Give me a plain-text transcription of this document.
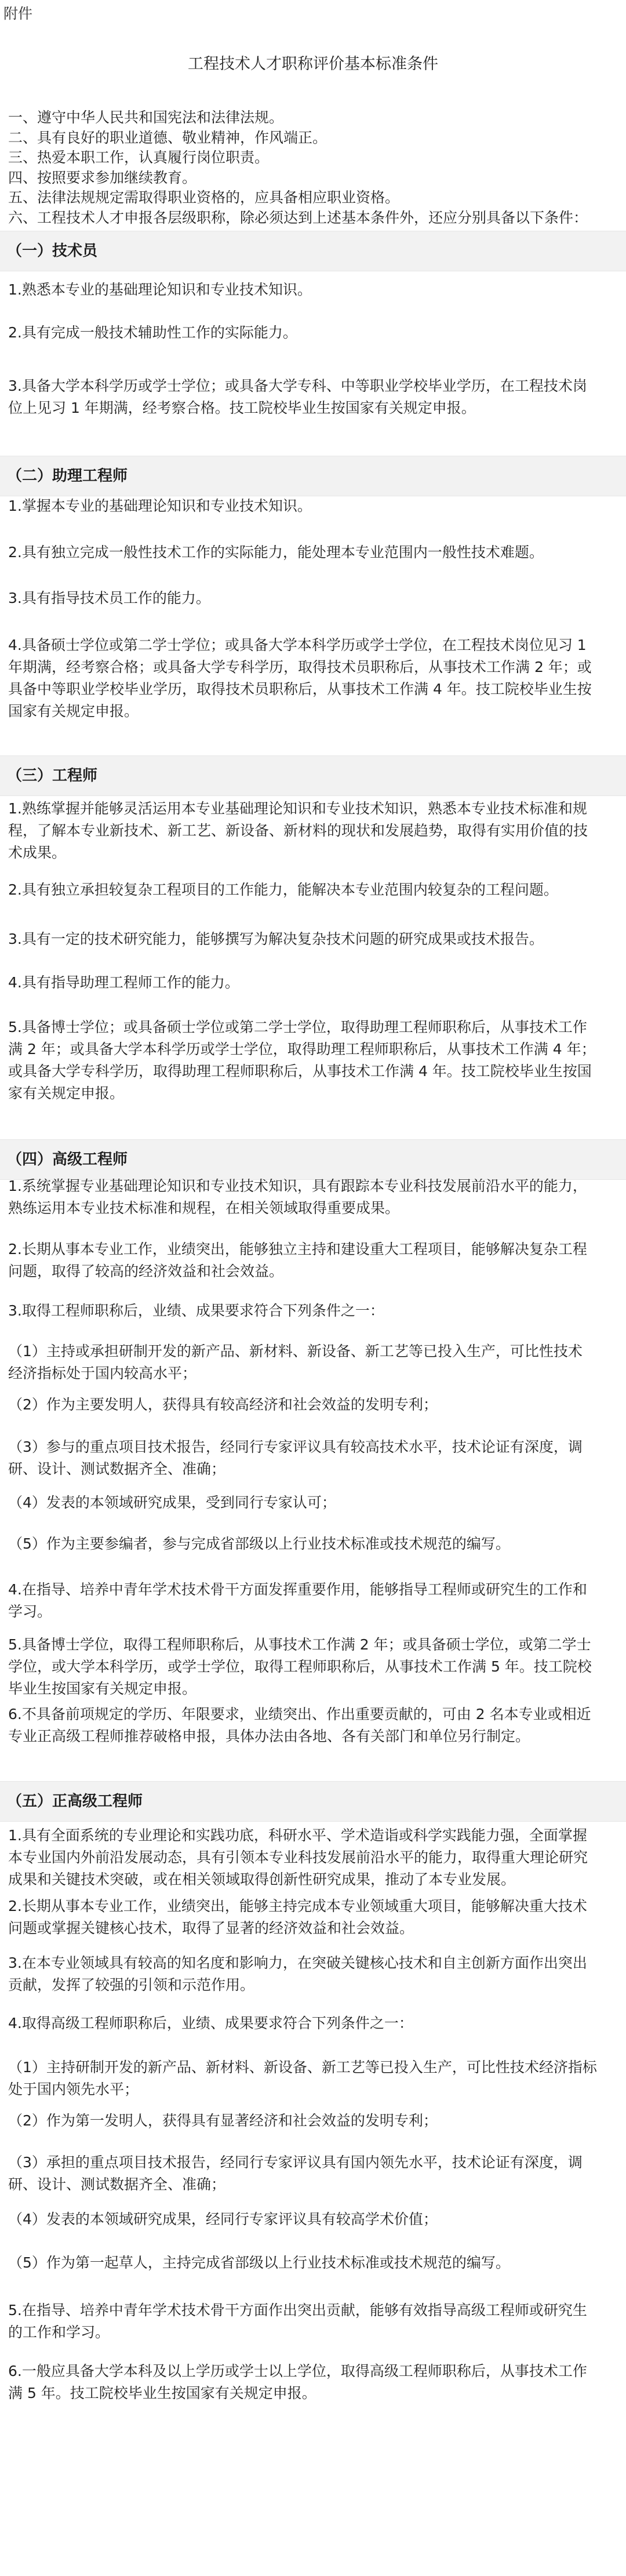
附件
工程技术人才职称评价基本标准条件
一、遵守中华人民共和国宪法和法律法规。
二、具有良好的职业道德、敬业精神，作风端正。
三、热爱本职工作，认真履行岗位职责。
四、按照要求参加继续教育。
五、法律法规规定需取得职业资格的，应具备相应职业资格。
六、工程技术人才申报各层级职称，除必须达到上述基本条件外，还应分别具备以下条件：
（一）技术员
1.熟悉本专业的基础理论知识和专业技术知识。
2.具有完成一般技术辅助性工作的实际能力。
3.具备大学本科学历或学士学位；或具备大学专科、中等职业学校毕业学历，在工程技术岗
位上见习 1 年期满，经考察合格。技工院校毕业生按国家有关规定申报。
（二）助理工程师
1.掌握本专业的基础理论知识和专业技术知识。
2.具有独立完成一般性技术工作的实际能力，能处理本专业范围内一般性技术难题。
3.具有指导技术员工作的能力。
4.具备硕士学位或第二学士学位；或具备大学本科学历或学士学位，在工程技术岗位见习 1
年期满，经考察合格；或具备大学专科学历，取得技术员职称后，从事技术工作满 2 年；或
具备中等职业学校毕业学历，取得技术员职称后，从事技术工作满 4 年。技工院校毕业生按
国家有关规定申报。
（三）工程师
1.熟练掌握并能够灵活运用本专业基础理论知识和专业技术知识，熟悉本专业技术标准和规
程，了解本专业新技术、新工艺、新设备、新材料的现状和发展趋势，取得有实用价值的技
术成果。
2.具有独立承担较复杂工程项目的工作能力，能解决本专业范围内较复杂的工程问题。
3.具有一定的技术研究能力，能够撰写为解决复杂技术问题的研究成果或技术报告。
4.具有指导助理工程师工作的能力。
5.具备博士学位；或具备硕士学位或第二学士学位，取得助理工程师职称后，从事技术工作
满 2 年；或具备大学本科学历或学士学位，取得助理工程师职称后，从事技术工作满 4 年；
或具备大学专科学历，取得助理工程师职称后，从事技术工作满 4 年。技工院校毕业生按国
家有关规定申报。
（四）高级工程师
1.系统掌握专业基础理论知识和专业技术知识，具有跟踪本专业科技发展前沿水平的能力，
熟练运用本专业技术标准和规程，在相关领域取得重要成果。
2.长期从事本专业工作，业绩突出，能够独立主持和建设重大工程项目，能够解决复杂工程
问题，取得了较高的经济效益和社会效益。
3.取得工程师职称后，业绩、成果要求符合下列条件之一：
（1）主持或承担研制开发的新产品、新材料、新设备、新工艺等已投入生产，可比性技术
经济指标处于国内较高水平；
（2）作为主要发明人，获得具有较高经济和社会效益的发明专利；
（3）参与的重点项目技术报告，经同行专家评议具有较高技术水平，技术论证有深度，调
研、设计、测试数据齐全、准确；
（4）发表的本领域研究成果，受到同行专家认可；
（5）作为主要参编者，参与完成省部级以上行业技术标准或技术规范的编写。
4.在指导、培养中青年学术技术骨干方面发挥重要作用，能够指导工程师或研究生的工作和
学习。
5.具备博士学位，取得工程师职称后，从事技术工作满 2 年；或具备硕士学位，或第二学士
学位，或大学本科学历，或学士学位，取得工程师职称后，从事技术工作满 5 年。技工院校
毕业生按国家有关规定申报。
6.不具备前项规定的学历、年限要求，业绩突出、作出重要贡献的，可由 2 名本专业或相近
专业正高级工程师推荐破格申报，具体办法由各地、各有关部门和单位另行制定。
（五）正高级工程师
1.具有全面系统的专业理论和实践功底，科研水平、学术造诣或科学实践能力强，全面掌握
本专业国内外前沿发展动态，具有引领本专业科技发展前沿水平的能力，取得重大理论研究
成果和关键技术突破，或在相关领域取得创新性研究成果，推动了本专业发展。
2.长期从事本专业工作，业绩突出，能够主持完成本专业领域重大项目，能够解决重大技术
问题或掌握关键核心技术，取得了显著的经济效益和社会效益。
3.在本专业领域具有较高的知名度和影响力，在突破关键核心技术和自主创新方面作出突出
贡献，发挥了较强的引领和示范作用。
4.取得高级工程师职称后，业绩、成果要求符合下列条件之一：
（1）主持研制开发的新产品、新材料、新设备、新工艺等已投入生产，可比性技术经济指标
处于国内领先水平；
（2）作为第一发明人，获得具有显著经济和社会效益的发明专利；
（3）承担的重点项目技术报告，经同行专家评议具有国内领先水平，技术论证有深度，调
研、设计、测试数据齐全、准确；
（4）发表的本领域研究成果，经同行专家评议具有较高学术价值；
（5）作为第一起草人，主持完成省部级以上行业技术标准或技术规范的编写。
5.在指导、培养中青年学术技术骨干方面作出突出贡献，能够有效指导高级工程师或研究生
的工作和学习。
6.一般应具备大学本科及以上学历或学士以上学位，取得高级工程师职称后，从事技术工作
满 5 年。技工院校毕业生按国家有关规定申报。
